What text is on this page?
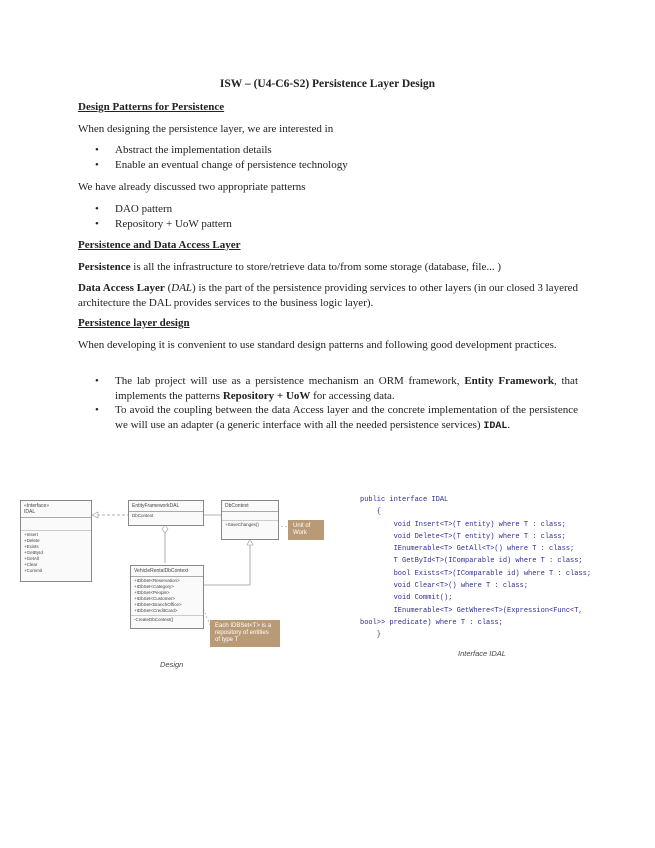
ISW – (U4-C6-S2) Persistence Layer Design
Design Patterns for Persistence
When designing the persistence layer, we are interested in
• Abstract the implementation details
• Enable an eventual change of persistence technology
We have already discussed two appropriate patterns
• DAO pattern
• Repository + UoW pattern
Persistence and Data Access Layer
Persistence is all the infrastructure to store/retrieve data to/from some storage (database, file... )
Data Access Layer (DAL) is the part of the persistence providing services to other layers (in our closed 3 layered architecture the DAL provides services to the business logic layer).
Persistence layer design
When developing it is convenient to use standard design patterns and following good development practices.
• The lab project will use as a persistence mechanism an ORM framework, Entity Framework, that implements the patterns Repository + UoW for accessing data.
• To avoid the coupling between the data Access layer and the concrete implementation of the persistence we will use an adapter (a generic interface with all the needed persistence services) IDAL.
«Interface»
IDAL
+Insert
+Delete
+Exists
+GetById
+GetAll
+Clear
+Commit
EntityFrameworkDAL
DbContext
DbContext
+SaveChanges()	Unit of Work
VehicleRentalDbContext
+IDbSet<Reservation>
+IDbSet<Category>
+IDbSet<People>
+IDbSet<Customer>
+IDbSet<BranchOffice>
+IDbSet<CreditCard>
-CreateDbContext()
Each IDBSet<T> is a repository of entities of type T
Design
public interface IDAL
{
void Insert<T>(T entity) where T : class;
void Delete<T>(T entity) where T : class;
IEnumerable<T> GetAll<T>() where T : class;
T GetById<T>(IComparable id) where T : class;
bool Exists<T>(IComparable id) where T : class;
void Clear<T>() where T : class;
void Commit();
IEnumerable<T> GetWhere<T>(Expression<Func<T,
bool>> predicate) where T : class;
}
Interface IDAL
